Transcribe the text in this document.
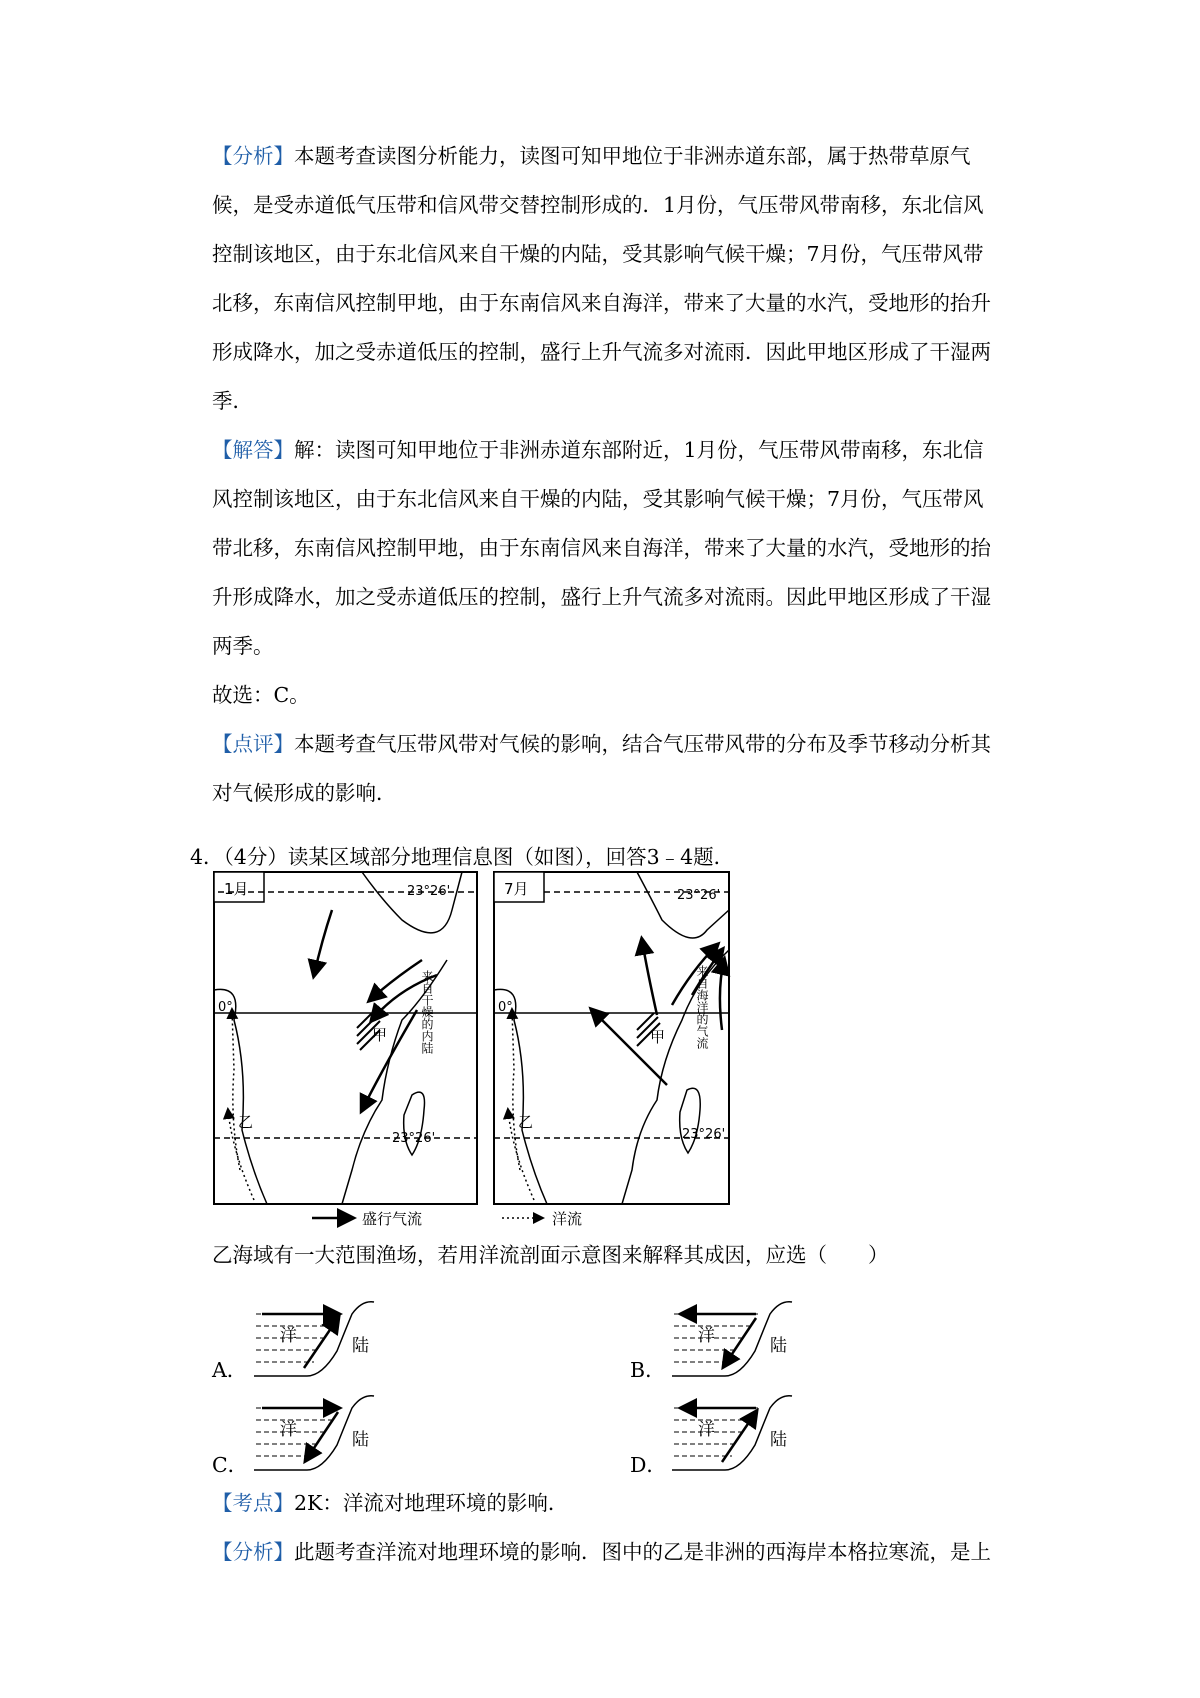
【分析】本题考查读图分析能力，读图可知甲地位于非洲赤道东部，属于热带草原气
候，是受赤道低气压带和信风带交替控制形成的．1月份，气压带风带南移，东北信风
控制该地区，由于东北信风来自干燥的内陆，受其影响气候干燥；7月份，气压带风带
北移，东南信风控制甲地，由于东南信风来自海洋，带来了大量的水汽，受地形的抬升
形成降水，加之受赤道低压的控制，盛行上升气流多对流雨．因此甲地区形成了干湿两
季．
【解答】解：读图可知甲地位于非洲赤道东部附近，1月份，气压带风带南移，东北信
风控制该地区，由于东北信风来自干燥的内陆，受其影响气候干燥；7月份，气压带风
带北移，东南信风控制甲地，由于东南信风来自海洋，带来了大量的水汽，受地形的抬
升形成降水，加之受赤道低压的控制，盛行上升气流多对流雨。因此甲地区形成了干湿
两季。
故选：C。
【点评】本题考查气压带风带对气候的影响，结合气压带风带的分布及季节移动分析其
对气候形成的影响．
4．（4分）读某区域部分地理信息图（如图），回答3﹣4题．
1月	23°26'
0°
23°26'
甲	来自干燥的内陆
乙
7月	23°26'
0°
23°26'
甲 来自海洋的气流
乙
盛行气流	洋流
乙海域有一大范围渔场，若用洋流剖面示意图来解释其成因，应选（　　）
A．
洋	陆
B．
洋	陆
C．
洋	陆
D．
洋	陆
【考点】2K：洋流对地理环境的影响．
【分析】此题考查洋流对地理环境的影响．图中的乙是非洲的西海岸本格拉寒流，是上
